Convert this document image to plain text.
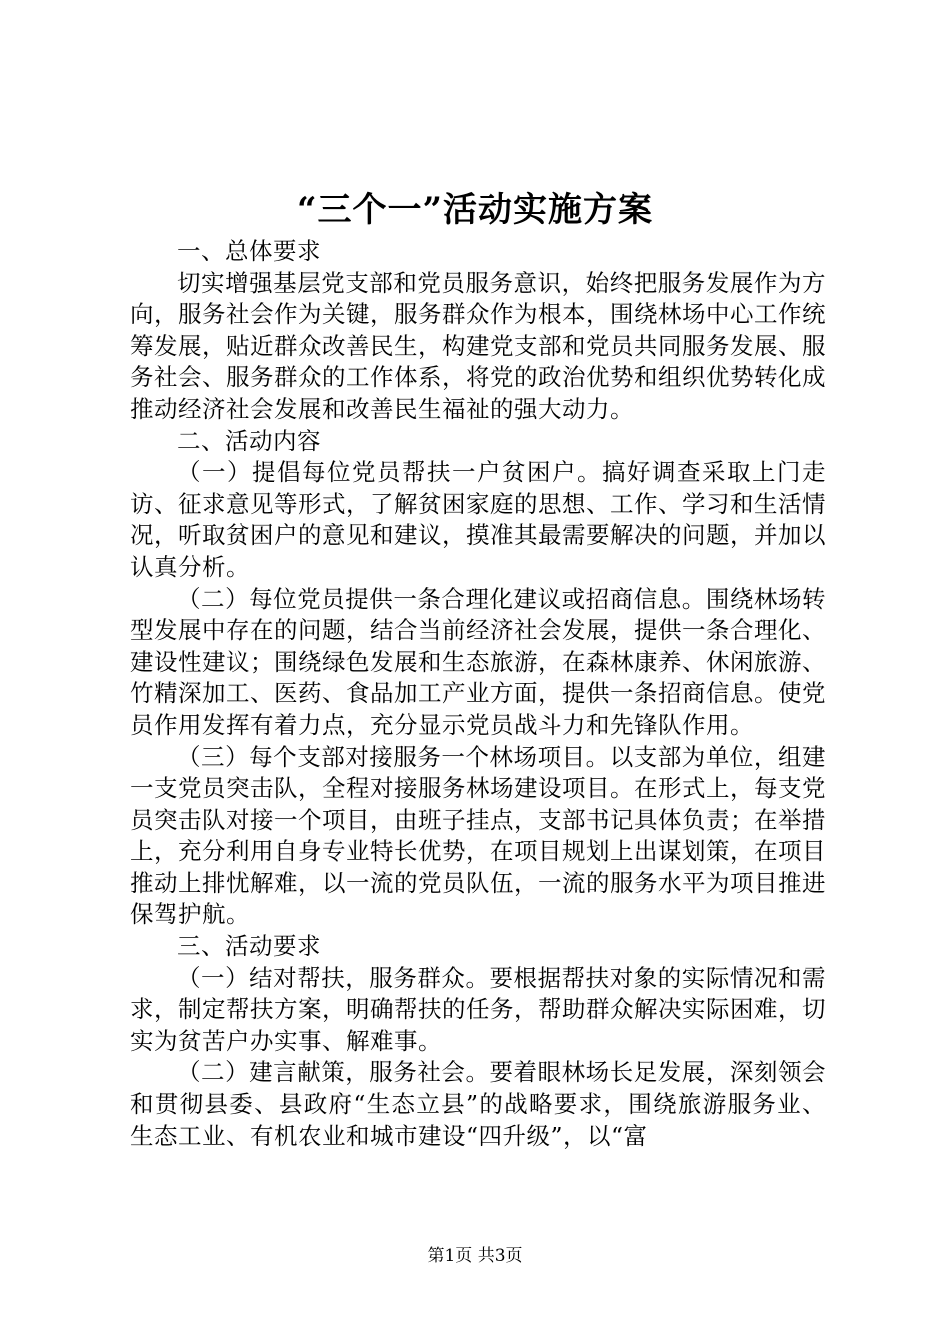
“三个一”活动实施方案

一、总体要求

切实增强基层党支部和党员服务意识，始终把服务发展作为方向，服务社会作为关键，服务群众作为根本，围绕林场中心工作统筹发展，贴近群众改善民生，构建党支部和党员共同服务发展、服务社会、服务群众的工作体系，将党的政治优势和组织优势转化成推动经济社会发展和改善民生福祉的强大动力。

二、活动内容

（一）提倡每位党员帮扶一户贫困户。搞好调查采取上门走访、征求意见等形式，了解贫困家庭的思想、工作、学习和生活情况，听取贫困户的意见和建议，摸准其最需要解决的问题，并加以认真分析。

（二）每位党员提供一条合理化建议或招商信息。围绕林场转型发展中存在的问题，结合当前经济社会发展，提供一条合理化、建设性建议；围绕绿色发展和生态旅游，在森林康养、休闲旅游、竹精深加工、医药、食品加工产业方面，提供一条招商信息。使党员作用发挥有着力点，充分显示党员战斗力和先锋队作用。

（三）每个支部对接服务一个林场项目。以支部为单位，组建一支党员突击队，全程对接服务林场建设项目。在形式上，每支党员突击队对接一个项目，由班子挂点，支部书记具体负责；在举措上，充分利用自身专业特长优势，在项目规划上出谋划策，在项目推动上排忧解难，以一流的党员队伍，一流的服务水平为项目推进保驾护航。

三、活动要求

（一）结对帮扶，服务群众。要根据帮扶对象的实际情况和需求，制定帮扶方案，明确帮扶的任务，帮助群众解决实际困难，切实为贫苦户办实事、解难事。

（二）建言献策，服务社会。要着眼林场长足发展，深刻领会和贯彻县委、县政府“生态立县”的战略要求，围绕旅游服务业、生态工业、有机农业和城市建设“四升级”，以“富

第1页 共3页
